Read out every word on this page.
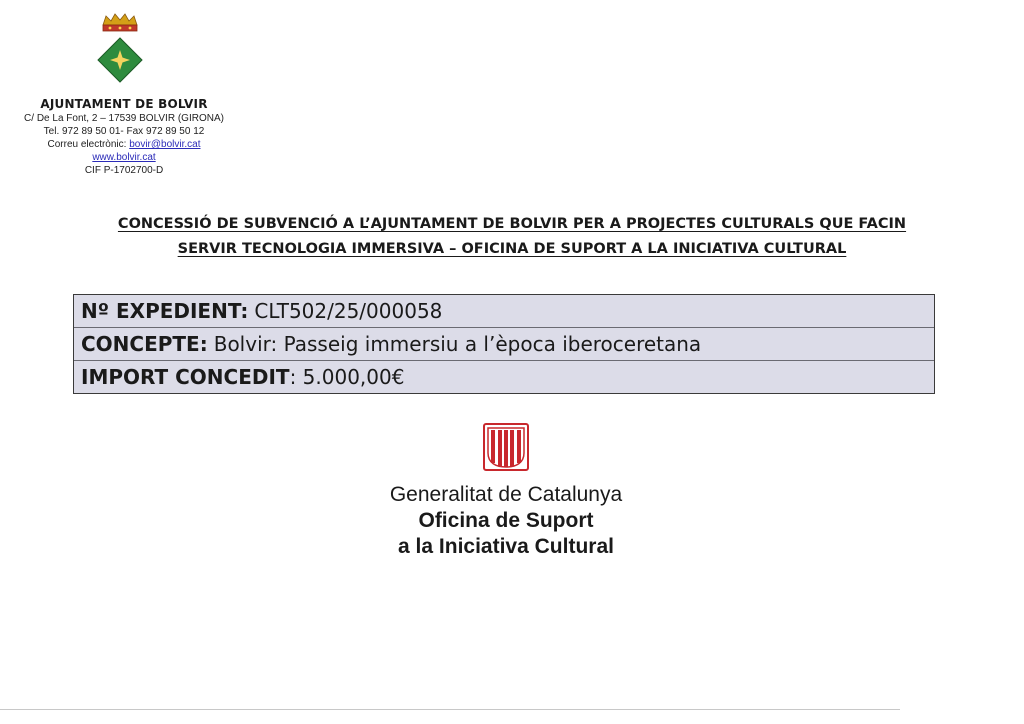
AJUNTAMENT DE BOLVIR
C/ De La Font, 2 – 17539 BOLVIR (GIRONA)
Tel. 972 89 50 01- Fax 972 89 50 12
Correu electrònic: bovir@bolvir.cat
www.bolvir.cat
CIF P-1702700-D
CONCESSIÓ DE SUBVENCIÓ A L’AJUNTAMENT DE BOLVIR PER A PROJECTES CULTURALS QUE FACIN
SERVIR TECNOLOGIA IMMERSIVA – OFICINA DE SUPORT A LA INICIATIVA CULTURAL
Nº EXPEDIENT: CLT502/25/000058
CONCEPTE: Bolvir: Passeig immersiu a l’època iberoceretana
IMPORT CONCEDIT : 5.000,00€
Generalitat de Catalunya
Oficina de Suport
a la Iniciativa Cultural
